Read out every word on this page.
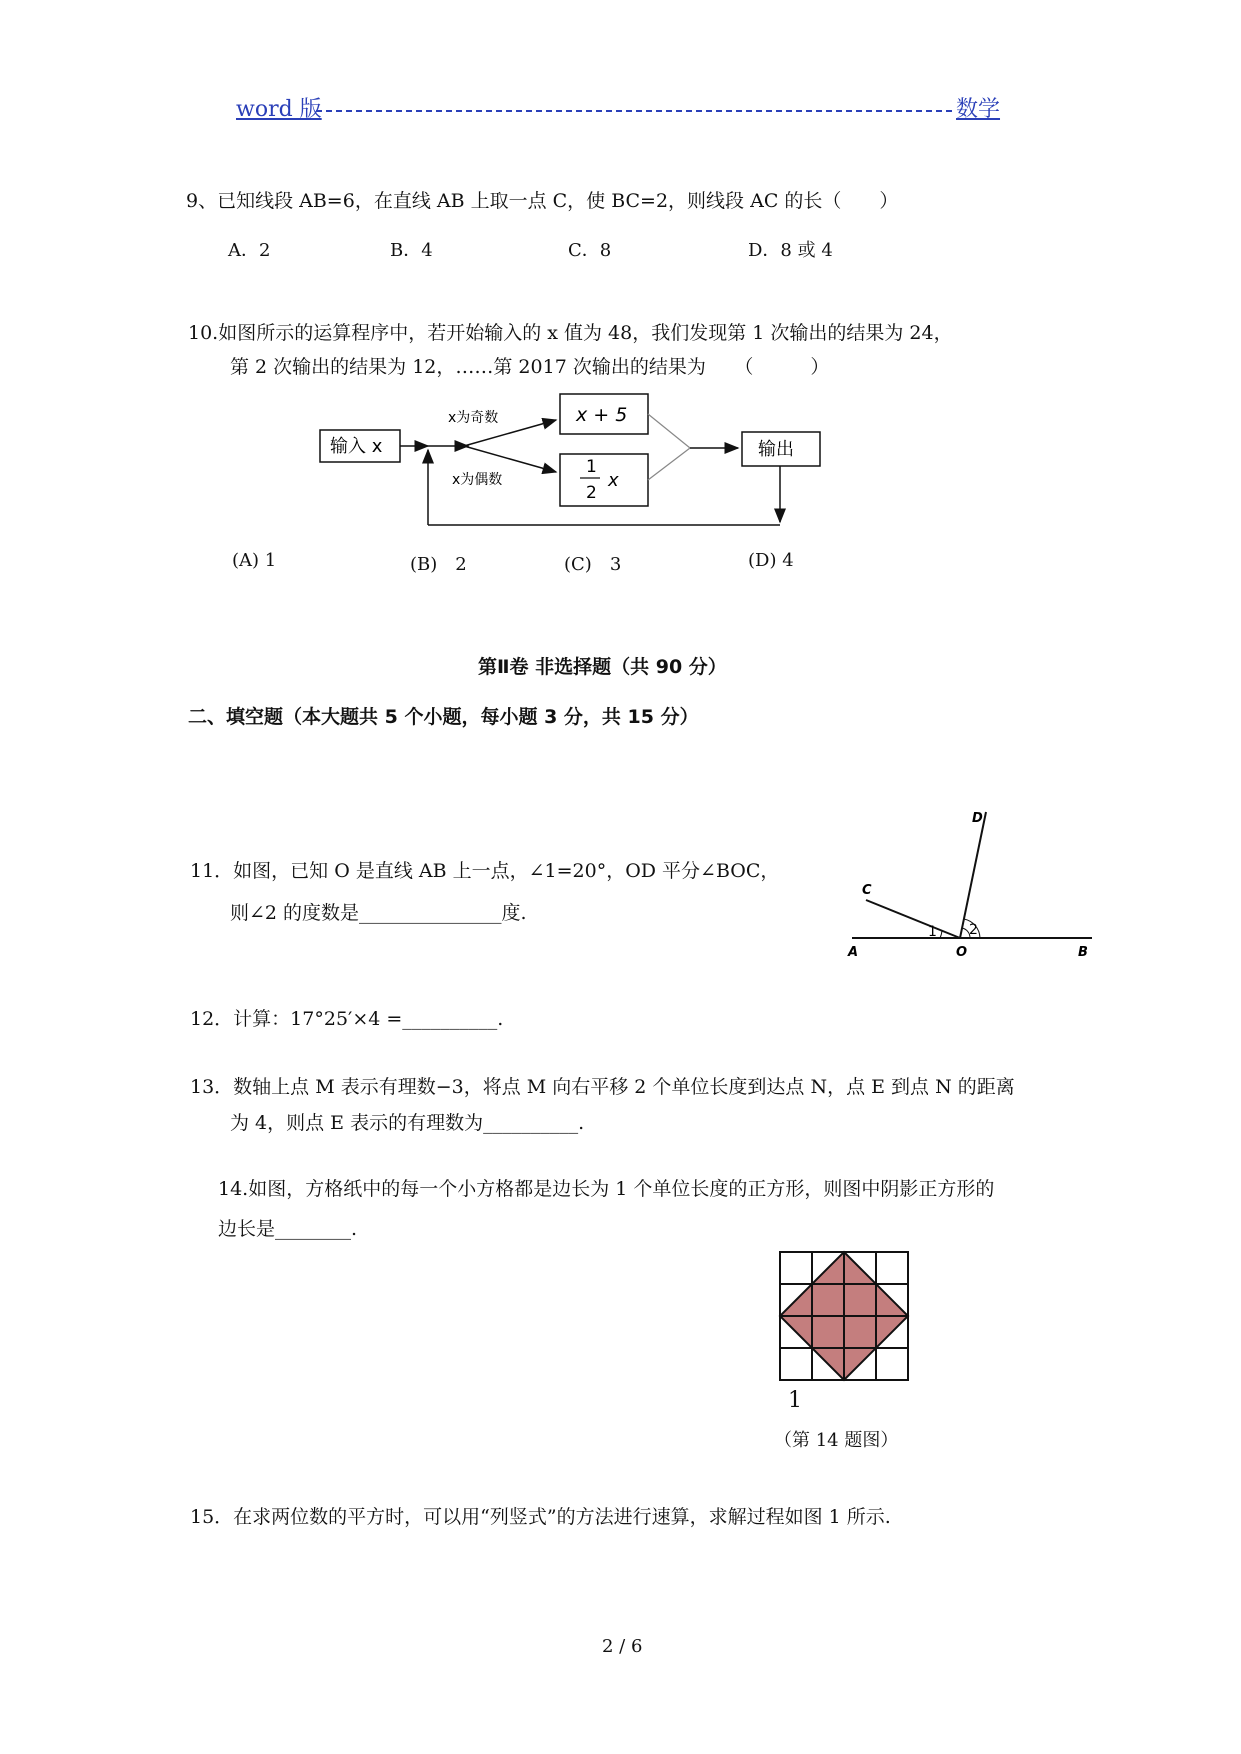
word 版	数学
9、已知线段 AB=6，在直线 AB 上取一点 C，使 BC=2，则线段 AC 的长（　　）
A．2	B．4	C．8	D．8 或 4
10.如图所示的运算程序中，若开始输入的 x 值为 48，我们发现第 1 次输出的结果为 24，
第 2 次输出的结果为 12，……第 2017 次输出的结果为　　（　　　）
输入 x
x为奇数
x为偶数
x + 5
1
2
x
输出
(A) 1	(B)　2	(C)　3	(D) 4
第Ⅱ卷 非选择题（共 90 分）
二、填空题（本大题共 5 个小题，每小题 3 分，共 15 分）
11．如图，已知 O 是直线 AB 上一点，∠1=20°，OD 平分∠BOC，
则∠2 的度数是_______________度.
A	O	B
C
D
1 2
12．计算：17°25′×4 =__________.
13．数轴上点 M 表示有理数−3，将点 M 向右平移 2 个单位长度到达点 N，点 E 到点 N 的距离
为 4，则点 E 表示的有理数为__________.
14.如图，方格纸中的每一个小方格都是边长为 1 个单位长度的正方形，则图中阴影正方形的
边长是________.
1
（第 14 题图）
15．在求两位数的平方时，可以用“列竖式”的方法进行速算，求解过程如图 1 所示.
2 / 6
